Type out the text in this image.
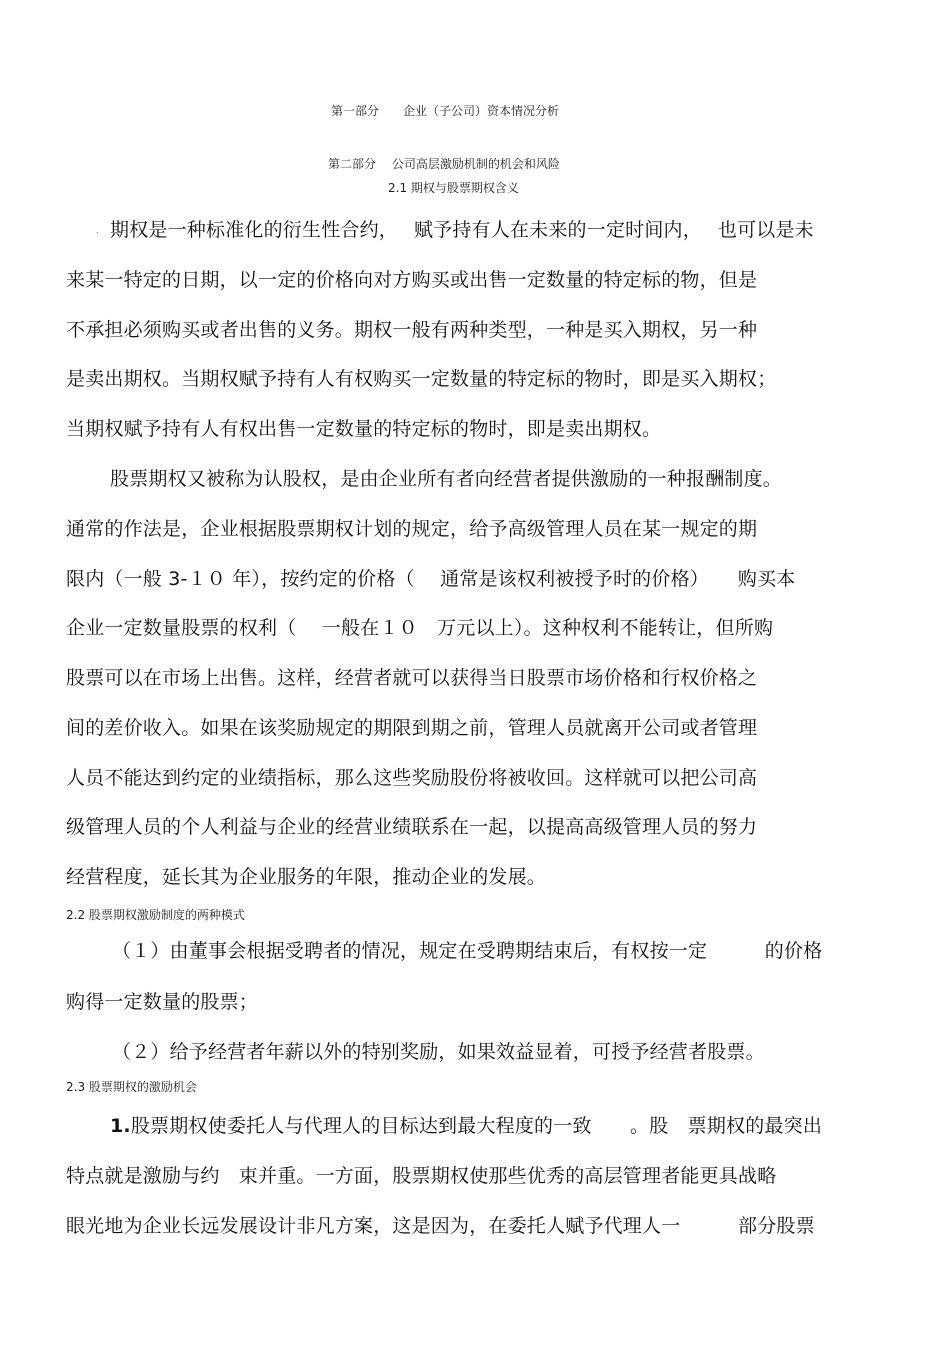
第一部分　　企业（子公司）资本情况分析
第二部分　 公司高层激励机制的机会和风险
2.1 期权与股票期权含义
. 期权是一种标准化的衍生性合约，　 赋予持有人在未来的一定时间内，　 也可以是未
来某一特定的日期，以一定的价格向对方购买或出售一定数量的特定标的物，但是
不承担必须购买或者出售的义务。期权一般有两种类型，一种是买入期权，另一种
是卖出期权。当期权赋予持有人有权购买一定数量的特定标的物时，即是买入期权；
当期权赋予持有人有权出售一定数量的特定标的物时，即是卖出期权。
股票期权又被称为认股权，是由企业所有者向经营者提供激励的一种报酬制度。
通常的作法是，企业根据股票期权计划的规定，给予高级管理人员在某一规定的期
限内（一般 3-１０ 年），按约定的价格（　 通常是该权利被授予时的价格）　　购买本
企业一定数量股票的权利（　 一般在１０　万元以上）。这种权利不能转让，但所购
股票可以在市场上出售。这样，经营者就可以获得当日股票市场价格和行权价格之
间的差价收入。如果在该奖励规定的期限到期之前，管理人员就离开公司或者管理
人员不能达到约定的业绩指标，那么这些奖励股份将被收回。这样就可以把公司高
级管理人员的个人利益与企业的经营业绩联系在一起，以提高高级管理人员的努力
经营程度，延长其为企业服务的年限，推动企业的发展。
2.2 股票期权激励制度的两种模式
（１）由董事会根据受聘者的情况，规定在受聘期结束后，有权按一定　　　的价格
购得一定数量的股票；
（２）给予经营者年薪以外的特别奖励，如果效益显着，可授予经营者股票。
2.3 股票期权的激励机会
1.股票期权使委托人与代理人的目标达到最大程度的一致　　。股　票期权的最突出
特点就是激励与约　束并重。一方面，股票期权使那些优秀的高层管理者能更具战略
眼光地为企业长远发展设计非凡方案，这是因为，在委托人赋予代理人一　　　部分股票
